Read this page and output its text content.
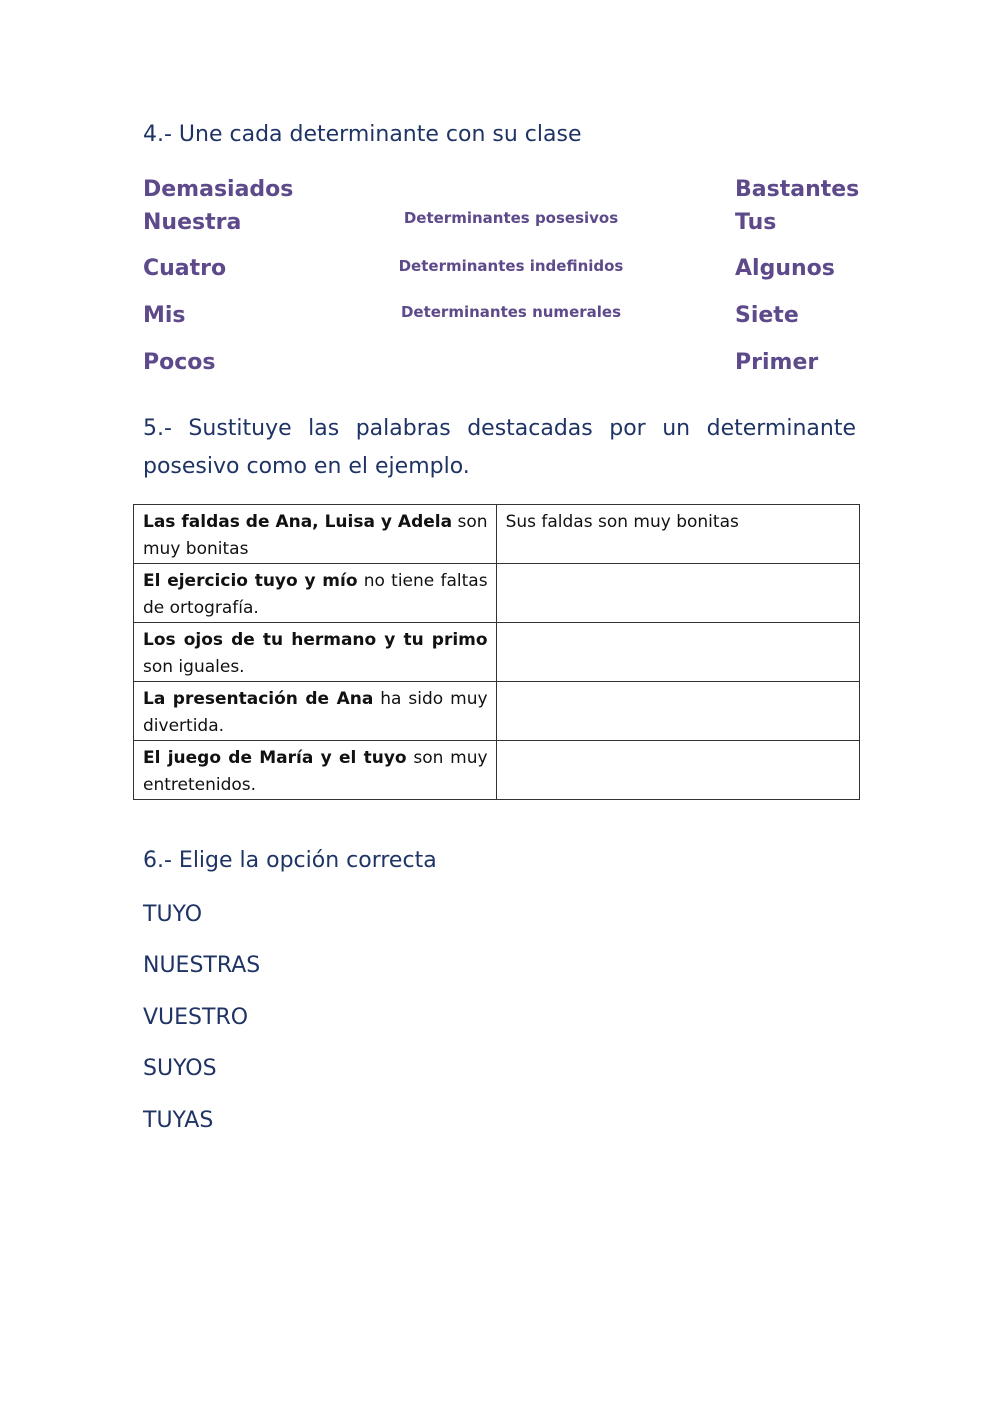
4.- Une cada determinante con su clase
Demasiados
Nuestra
Cuatro
Mis
Pocos
Determinantes posesivos
Determinantes indefinidos
Determinantes numerales
Bastantes
Tus
Algunos
Siete
Primer
5.- Sustituye las palabras destacadas por un determinante posesivo como en el ejemplo.
Las faldas de Ana, Luisa y Adela son muy bonitas	Sus faldas son muy bonitas
El ejercicio tuyo y mío no tiene faltas de ortografía.	
Los ojos de tu hermano y tu primo son iguales.	
La presentación de Ana ha sido muy divertida.	
El juego de María y el tuyo son muy entretenidos.	
6.- Elige la opción correcta
TUYO
NUESTRAS
VUESTRO
SUYOS
TUYAS
